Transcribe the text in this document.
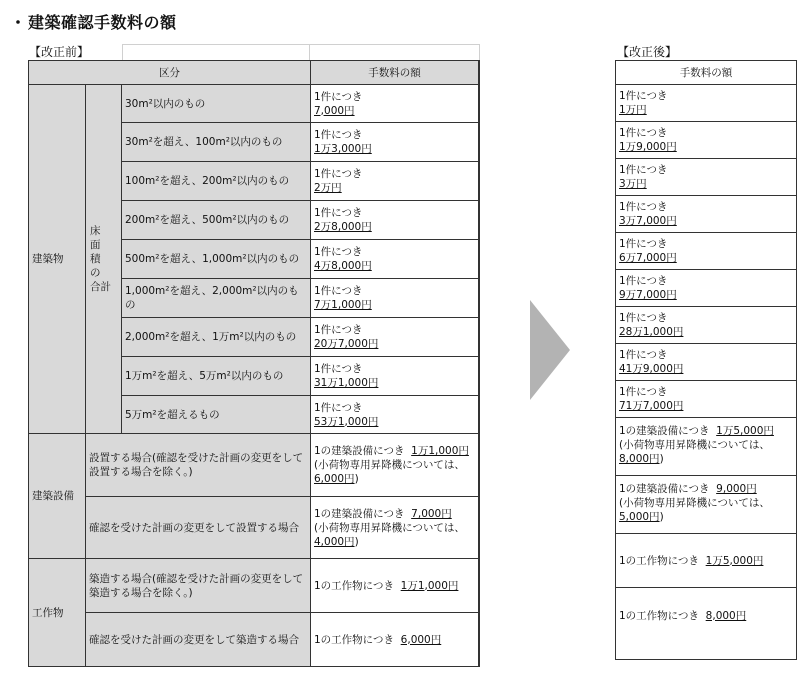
・建築確認手数料の額
【改正前】
区分	手数料の額
建築物
床　面
積　の
合計
30m²以内のもの
1件につき
7,000円
30m²を超え、100m²以内のもの
1件につき
1万3,000円
100m²を超え、200m²以内のもの
1件につき
2万円
200m²を超え、500m²以内のもの
1件につき
2万8,000円
500m²を超え、1,000m²以内のもの
1件につき
4万8,000円
1,000m²を超え、2,000m²以内のもの
1件につき
7万1,000円
2,000m²を超え、1万m²以内のもの
1件につき
20万7,000円
1万m²を超え、5万m²以内のもの
1件につき
31万1,000円
5万m²を超えるもの
1件につき
53万1,000円
建築設備
設置する場合(確認を受けた計画の変更をして設置する場合を除く。)
1の建築設備につき 1万1,000円
(小荷物専用昇降機については、
6,000円)
確認を受けた計画の変更をして設置する場合
1の建築設備につき 7,000円
(小荷物専用昇降機については、
4,000円)
工作物
築造する場合(確認を受けた計画の変更をして築造する場合を除く。)
1の工作物につき
1万1,000円
確認を受けた計画の変更をして築造する場合	1の工作物につき
6,000円
【改正後】
手数料の額
1件につき
1万円
1件につき
1万9,000円
1件につき
3万円
1件につき
3万7,000円
1件につき
6万7,000円
1件につき
9万7,000円
1件につき
28万1,000円
1件につき
41万9,000円
1件につき
71万7,000円
1の建築設備につき 1万5,000円
(小荷物専用昇降機については、
8,000円)
1の建築設備につき 9,000円
(小荷物専用昇降機については、
5,000円)
1の工作物につき
1万5,000円
1の工作物につき
8,000円
